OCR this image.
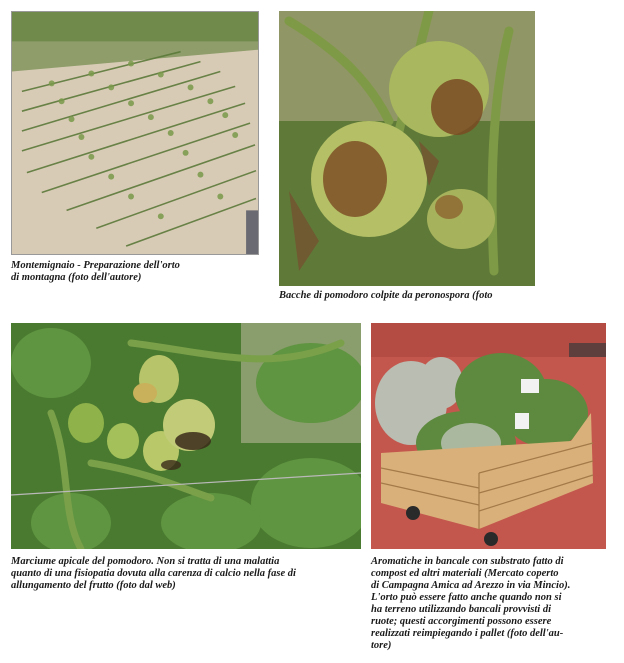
Montemignaio - Preparazione dell'orto
di montagna (foto dell'autore)

Bacche di pomodoro colpite da peronospora (foto

Marciume apicale del pomodoro. Non si tratta di una malattia
quanto di una fisiopatia dovuta alla carenza di calcio nella fase di
allungamento del frutto (foto dal web)

Aromatiche in bancale con substrato fatto di
compost ed altri materiali (Mercato coperto
di Campagna Amica ad Arezzo in via Mincio).
L'orto può essere fatto anche quando non si
ha terreno utilizzando bancali provvisti di
ruote; questi accorgimenti possono essere
realizzati reimpiegando i pallet (foto dell'au-
tore)
